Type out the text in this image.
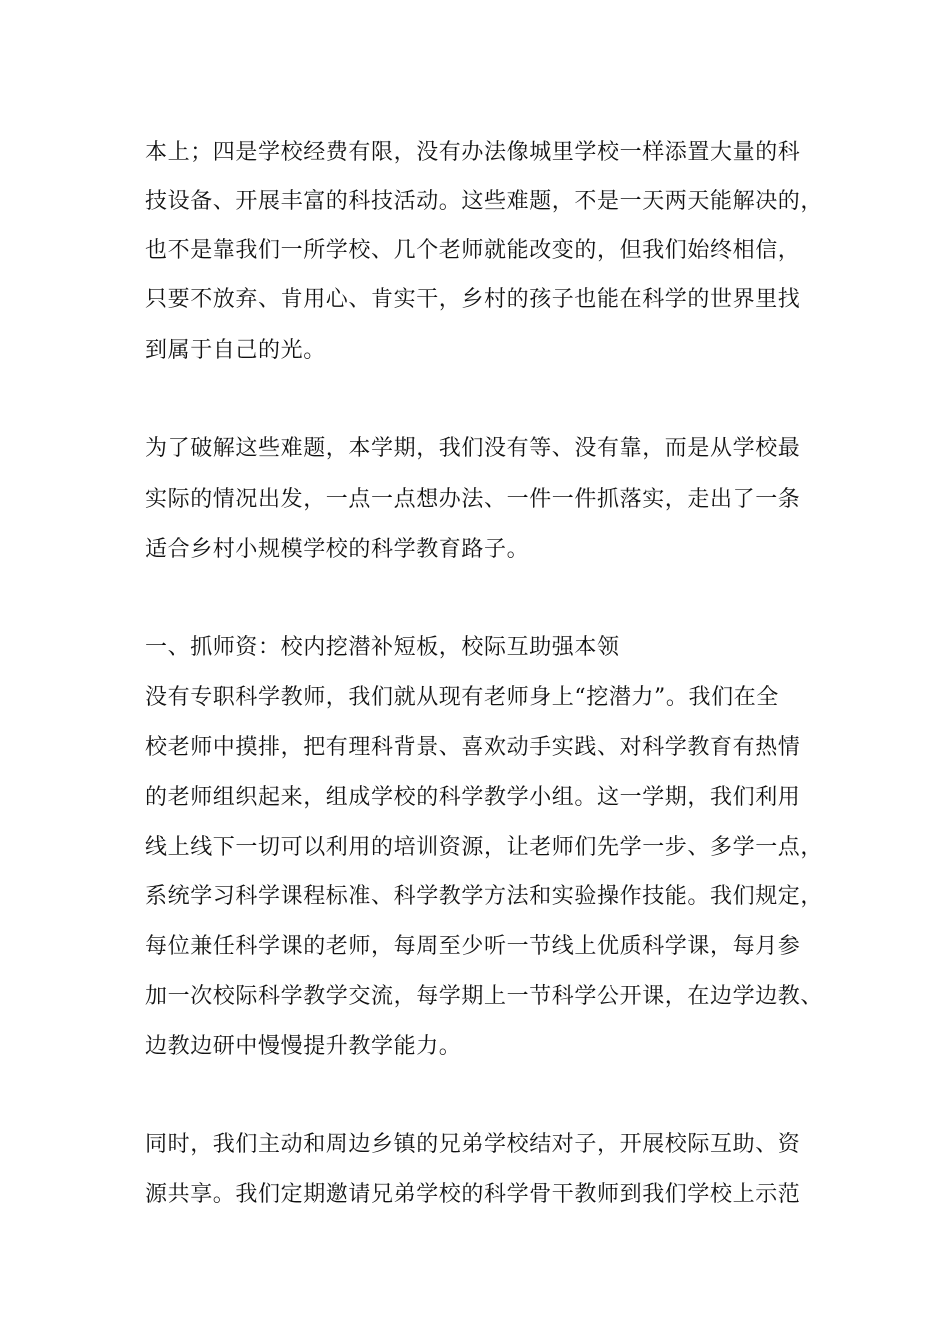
本上；四是学校经费有限，没有办法像城里学校一样添置大量的科
技设备、开展丰富的科技活动。这些难题，不是一天两天能解决的，
也不是靠我们一所学校、几个老师就能改变的，但我们始终相信，
只要不放弃、肯用心、肯实干，乡村的孩子也能在科学的世界里找
到属于自己的光。
为了破解这些难题，本学期，我们没有等、没有靠，而是从学校最
实际的情况出发，一点一点想办法、一件一件抓落实，走出了一条
适合乡村小规模学校的科学教育路子。
一、抓师资：校内挖潜补短板，校际互助强本领
没有专职科学教师，我们就从现有老师身上“挖潜力”。我们在全
校老师中摸排，把有理科背景、喜欢动手实践、对科学教育有热情
的老师组织起来，组成学校的科学教学小组。这一学期，我们利用
线上线下一切可以利用的培训资源，让老师们先学一步、多学一点，
系统学习科学课程标准、科学教学方法和实验操作技能。我们规定，
每位兼任科学课的老师，每周至少听一节线上优质科学课，每月参
加一次校际科学教学交流，每学期上一节科学公开课，在边学边教、
边教边研中慢慢提升教学能力。
同时，我们主动和周边乡镇的兄弟学校结对子，开展校际互助、资
源共享。我们定期邀请兄弟学校的科学骨干教师到我们学校上示范
